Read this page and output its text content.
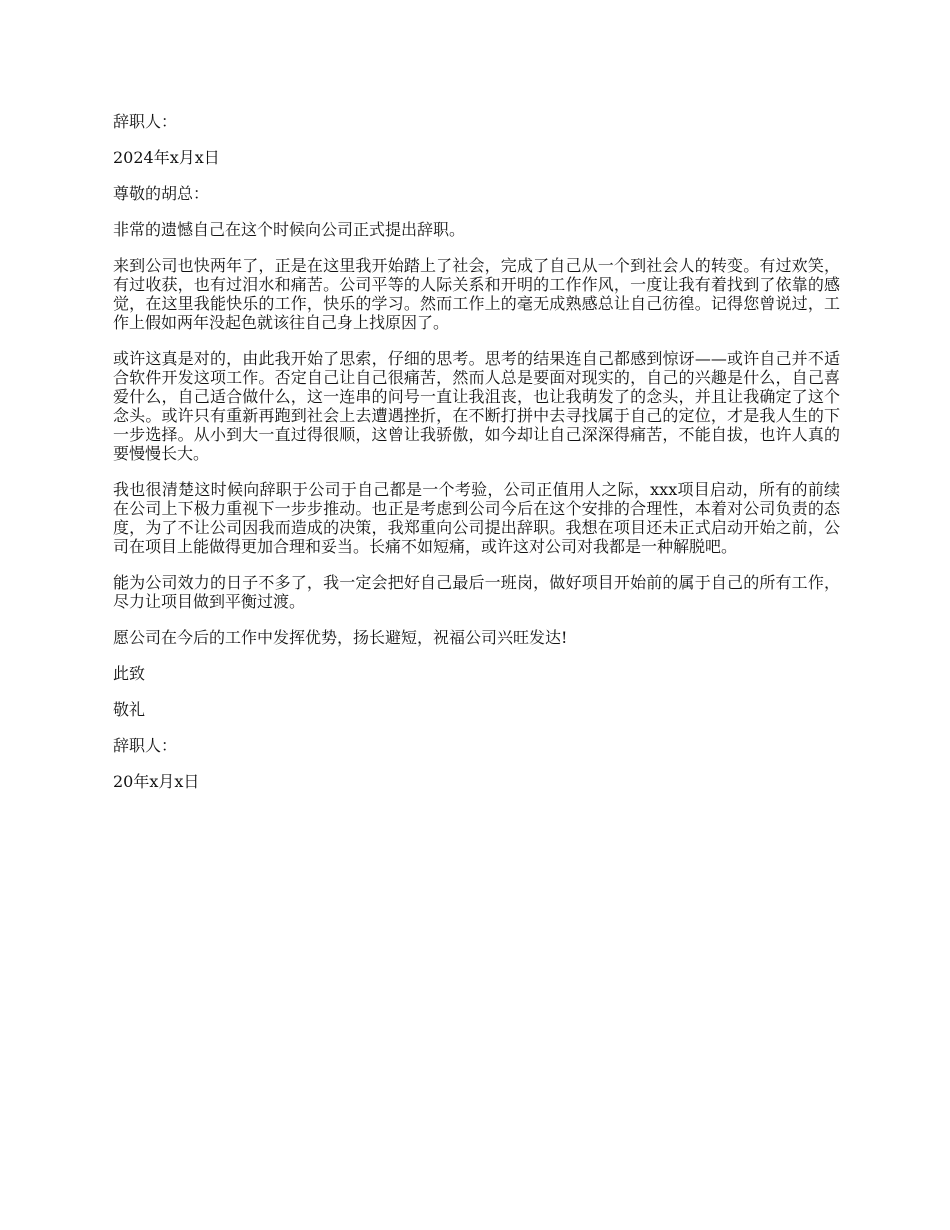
辞职人：

2024年x月x日

尊敬的胡总：

非常的遗憾自己在这个时候向公司正式提出辞职。

来到公司也快两年了，正是在这里我开始踏上了社会，完成了自己从一个到社会人的转变。有过欢笑，有过收获，也有过泪水和痛苦。公司平等的人际关系和开明的工作作风，一度让我有着找到了依靠的感觉，在这里我能快乐的工作，快乐的学习。然而工作上的毫无成熟感总让自己彷徨。记得您曾说过，工作上假如两年没起色就该往自己身上找原因了。

或许这真是对的，由此我开始了思索，仔细的思考。思考的结果连自己都感到惊讶——或许自己并不适合软件开发这项工作。否定自己让自己很痛苦，然而人总是要面对现实的，自己的兴趣是什么，自己喜爱什么，自己适合做什么，这一连串的问号一直让我沮丧，也让我萌发了的念头，并且让我确定了这个念头。或许只有重新再跑到社会上去遭遇挫折，在不断打拼中去寻找属于自己的定位，才是我人生的下一步选择。从小到大一直过得很顺，这曾让我骄傲，如今却让自己深深得痛苦，不能自拔，也许人真的要慢慢长大。

我也很清楚这时候向辞职于公司于自己都是一个考验，公司正值用人之际，xxx项目启动，所有的前续在公司上下极力重视下一步步推动。也正是考虑到公司今后在这个安排的合理性，本着对公司负责的态度，为了不让公司因我而造成的决策，我郑重向公司提出辞职。我想在项目还未正式启动开始之前，公司在项目上能做得更加合理和妥当。长痛不如短痛，或许这对公司对我都是一种解脱吧。

能为公司效力的日子不多了，我一定会把好自己最后一班岗，做好项目开始前的属于自己的所有工作，尽力让项目做到平衡过渡。

愿公司在今后的工作中发挥优势，扬长避短，祝福公司兴旺发达!

此致

敬礼

辞职人：

20年x月x日
